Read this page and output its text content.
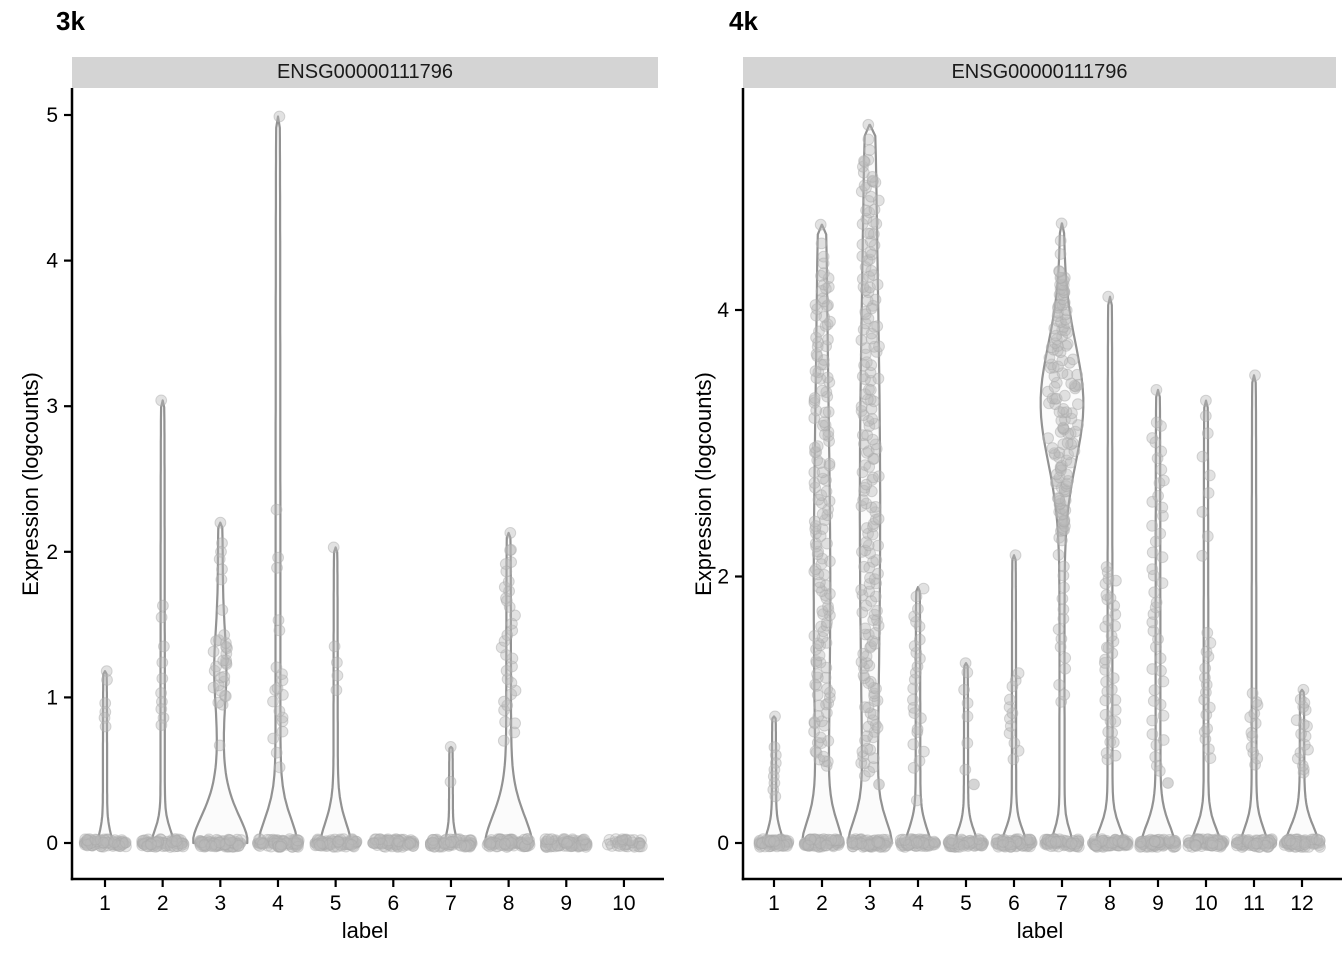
0
1
2
3
4
5
1 2 3 4 5 6 7 8 9 10
0
2
4
1 2 3 4 5 6 7 8 9 10 11 12
3k	4k
ENSG00000111796	ENSG00000111796
Expression (logcounts)	Expression (logcounts)
label	label
